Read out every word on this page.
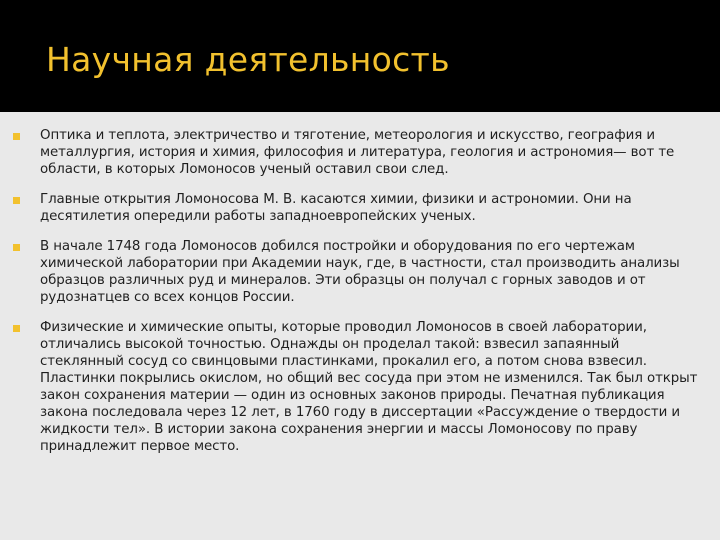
Научная деятельность
Оптика и теплота, электричество и тяготение, метеорология и искусство, география и металлургия, история и химия, философия и литература, геология и астрономия— вот те области, в которых Ломоносов ученый оставил свои след.
Главные открытия Ломоносова М. В. касаются химии, физики и астрономии. Они на десятилетия опередили работы западноевропейских ученых.
В начале 1748 года Ломоносов добился постройки и оборудования по его чертежам химической лаборатории при Академии наук, где, в частности, стал производить анализы образцов различных руд и минералов. Эти образцы он получал с горных заводов и от рудознатцев со всех концов России.
Физические и химические опыты, которые проводил Ломоносов в своей лаборатории, отличались высокой точностью. Однажды он проделал такой: взвесил запаянный стеклянный сосуд со свинцовыми пластинками, прокалил его, а потом снова взвесил. Пластинки покрылись окислом, но общий вес сосуда при этом не изменился. Так был открыт закон сохранения материи — один из основных законов природы. Печатная публикация закона последовала через 12 лет, в 1760 году в диссертации «Рассуждение о твердости и жидкости тел». В истории закона сохранения энергии и массы Ломоносову по праву принадлежит первое место.
